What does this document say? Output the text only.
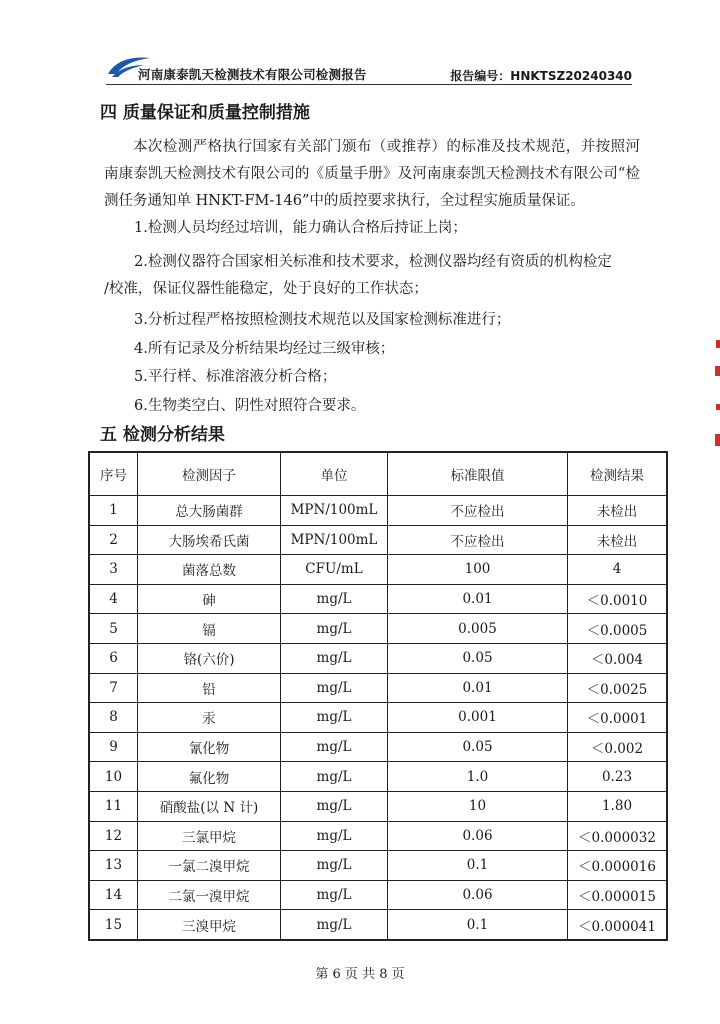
河南康泰凯天检测技术有限公司检测报告	报告编号：HNKTSZ20240340
四 质量保证和质量控制措施

本次检测严格执行国家有关部门颁布（或推荐）的标准及技术规范，并按照河南康泰凯天检测技术有限公司的《质量手册》及河南康泰凯天检测技术有限公司“检测任务通知单 HNKT-FM-146”中的质控要求执行，全过程实施质量保证。

1.检测人员均经过培训，能力确认合格后持证上岗；

2.检测仪器符合国家相关标准和技术要求，检测仪器均经有资质的机构检定
/校准，保证仪器性能稳定，处于良好的工作状态；

3.分析过程严格按照检测技术规范以及国家检测标准进行；

4.所有记录及分析结果均经过三级审核；

5.平行样、标准溶液分析合格；

6.生物类空白、阴性对照符合要求。

五 检测分析结果
序号	检测因子	单位	标准限值	检测结果
1	总大肠菌群	MPN/100mL	不应检出	未检出
2	大肠埃希氏菌	MPN/100mL	不应检出	未检出
3	菌落总数	CFU/mL	100	4
4	砷	mg/L	0.01	＜0.0010
5	镉	mg/L	0.005	＜0.0005
6	铬(六价)	mg/L	0.05	＜0.004
7	铅	mg/L	0.01	＜0.0025
8	汞	mg/L	0.001	＜0.0001
9	氰化物	mg/L	0.05	＜0.002
10	氟化物	mg/L	1.0	0.23
11	硝酸盐(以 N 计)	mg/L	10	1.80
12	三氯甲烷	mg/L	0.06	＜0.000032
13	一氯二溴甲烷	mg/L	0.1	＜0.000016
14	二氯一溴甲烷	mg/L	0.06	＜0.000015
15	三溴甲烷	mg/L	0.1	＜0.000041
第 6 页 共 8 页
